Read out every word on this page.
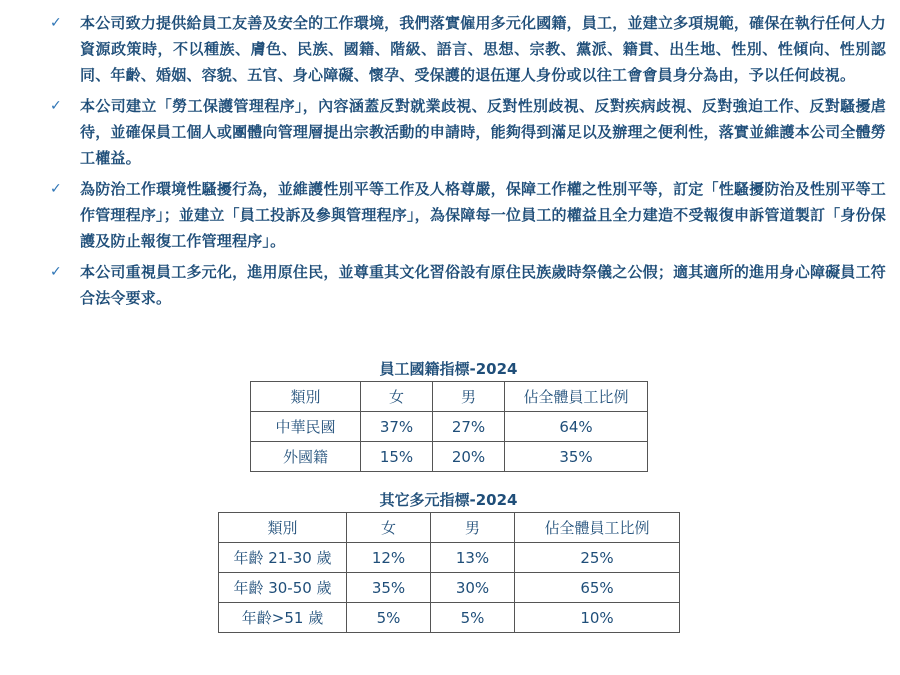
✓	本公司致力提供給員工友善及安全的工作環境，我們落實僱用多元化國籍，員工，並建立多項規範，確保在執行任何人力資源政策時，不以種族、膚色、民族、國籍、階級、語言、思想、宗教、黨派、籍貫、出生地、性別、性傾向、性別認同、年齡、婚姻、容貌、五官、身心障礙、懷孕、受保護的退伍運人身份或以往工會會員身分為由，予以任何歧視。
✓	本公司建立「勞工保護管理程序」，內容涵蓋反對就業歧視、反對性別歧視、反對疾病歧視、反對強迫工作、反對騷擾虐待，並確保員工個人或團體向管理層提出宗教活動的申請時，能夠得到滿足以及辦理之便利性，落實並維護本公司全體勞工權益。
✓	為防治工作環境性騷擾行為，並維護性別平等工作及人格尊嚴，保障工作權之性別平等，訂定「性騷擾防治及性別平等工作管理程序」；並建立「員工投訴及參與管理程序」，為保障每一位員工的權益且全力建造不受報復申訴管道製訂「身份保護及防止報復工作管理程序」。
✓	本公司重視員工多元化，進用原住民，並尊重其文化習俗設有原住民族歲時祭儀之公假；適其適所的進用身心障礙員工符合法令要求。
員工國籍指標-2024
類別	女	男	佔全體員工比例
中華民國	37%	27%	64%
外國籍	15%	20%	35%
其它多元指標-2024
類別	女	男	佔全體員工比例
年齡 21-30 歲	12%	13%	25%
年齡 30-50 歲	35%	30%	65%
年齡>51 歲	5%	5%	10%
